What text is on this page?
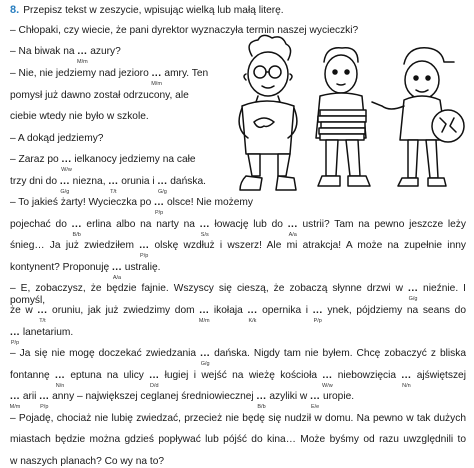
8. Przepisz tekst w zeszycie, wpisując wielką lub małą literę.
– Chłopaki, czy wiecie, że pani dyrektor wyznaczyła termin naszej wycieczki?
– Na biwak na ...
M/m
azury?
– Nie, nie jedziemy nad jezioro ...
M/m
amry. Ten
pomysł już dawno został odrzucony, ale
ciebie wtedy nie było w szkole.
– A dokąd jedziemy?
– Zaraz po ...
W/w
ielkanocy jedziemy na całe
trzy dni do ...
G/g
niezna, ...
T/t
orunia i ...
G/g
dańska.
– To jakieś żarty! Wycieczka po ...
P/p
olsce! Nie możemy
pojechać do ...
B/b
erlina albo na narty na ...
S/s
łowację lub do ...
A/a
ustrii? Tam na pewno jeszcze leży
śnieg… Ja już zwiedziłem ...
P/p
olskę wzdłuż i wszerz! Ale mi atrakcja! A może na zupełnie inny
kontynent? Proponuję ...
A/a
ustralię.
– E, zobaczysz, że będzie fajnie. Wszyscy się cieszą, że zobaczą słynne drzwi w ...
G/g
nieźnie. I pomyśl,
że w ...
T/t
oruniu, jak już zwiedzimy dom ...
M/m
ikołaja ...
K/k
opernika i ...
P/p
ynek, pójdziemy na seans do
...
P/p
lanetarium.
– Ja się nie mogę doczekać zwiedzania ...
G/g
dańska. Nigdy tam nie byłem. Chcę zobaczyć z bliska
fontannę ...
N/n
eptuna na ulicy ...
D/d
ługiej i wejść na wieżę kościoła ...
W/w
niebowzięcia ...
N/n
ajświętszej
...
M/m
arii ...
P/p
anny – największej ceglanej średniowiecznej ...
B/b
azyliki w ...
E/e
uropie.
– Pojadę, chociaż nie lubię zwiedzać, przecież nie będę się nudził w domu. Na pewno w tak dużych
miastach będzie można gdzieś popływać lub pójść do kina… Może byśmy od razu uwzględnili to
w naszych planach? Co wy na to?
